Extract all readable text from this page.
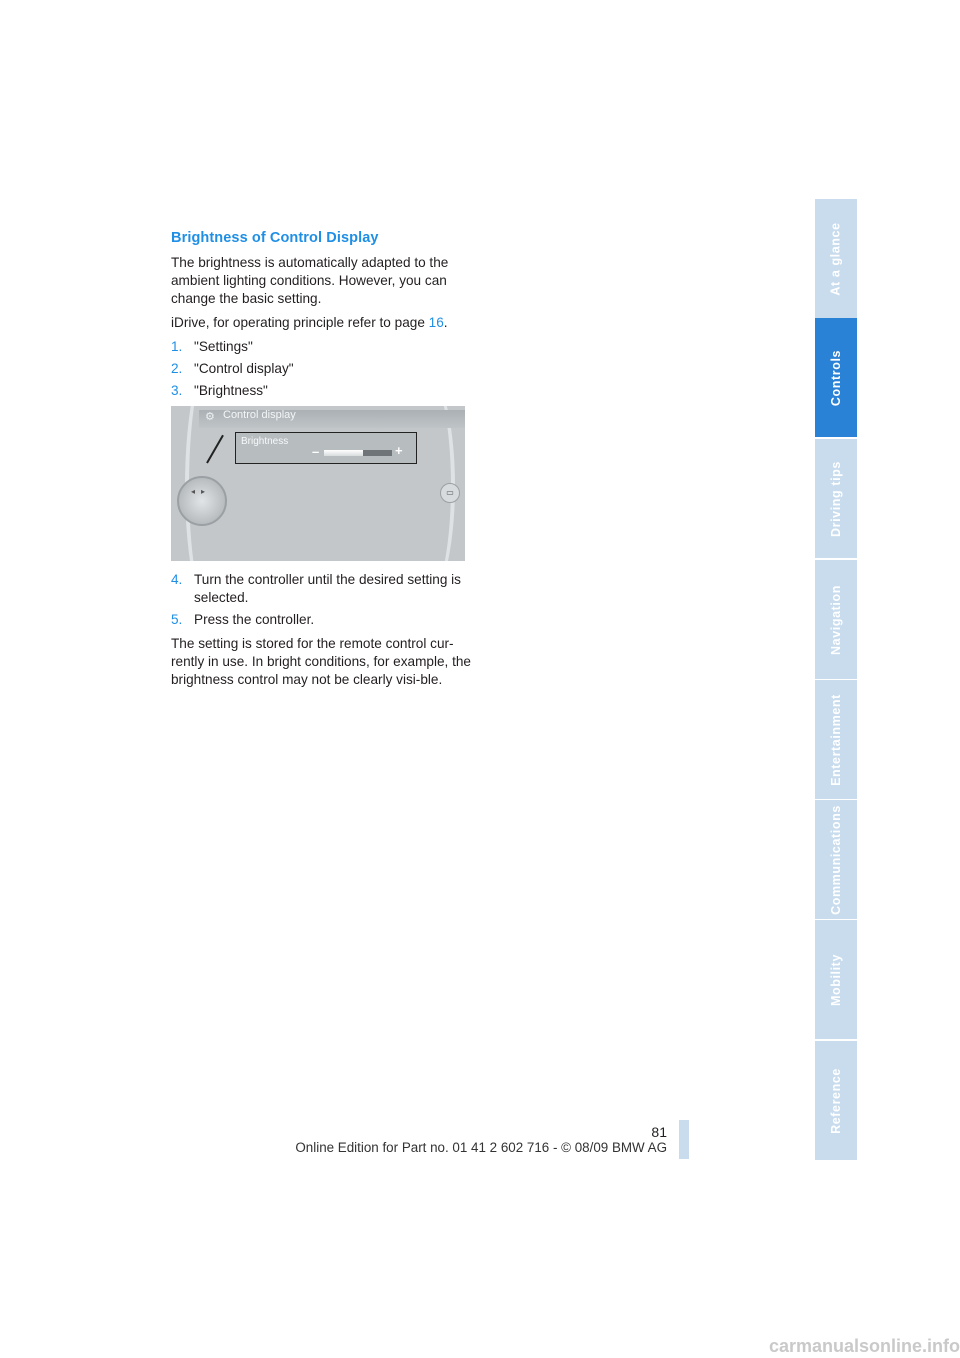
Brightness of Control Display

The brightness is automatically adapted to the ambient lighting conditions. However, you can change the basic setting.

iDrive, for operating principle refer to page 16.

1. "Settings"
2. "Control display"
3. "Brightness"
⚙ Control display
Brightness
–	+
◂▸	▭
4. Turn the controller until the desired setting is selected.
5. Press the controller.

The setting is stored for the remote control cur-rently in use. In bright conditions, for example, the brightness control may not be clearly visi-ble.

At a glance
Controls
Driving tips
Navigation
Entertainment
Communications
Mobility
Reference
81
Online Edition for Part no. 01 41 2 602 716 - © 08/09 BMW AG
carmanualsonline.info
